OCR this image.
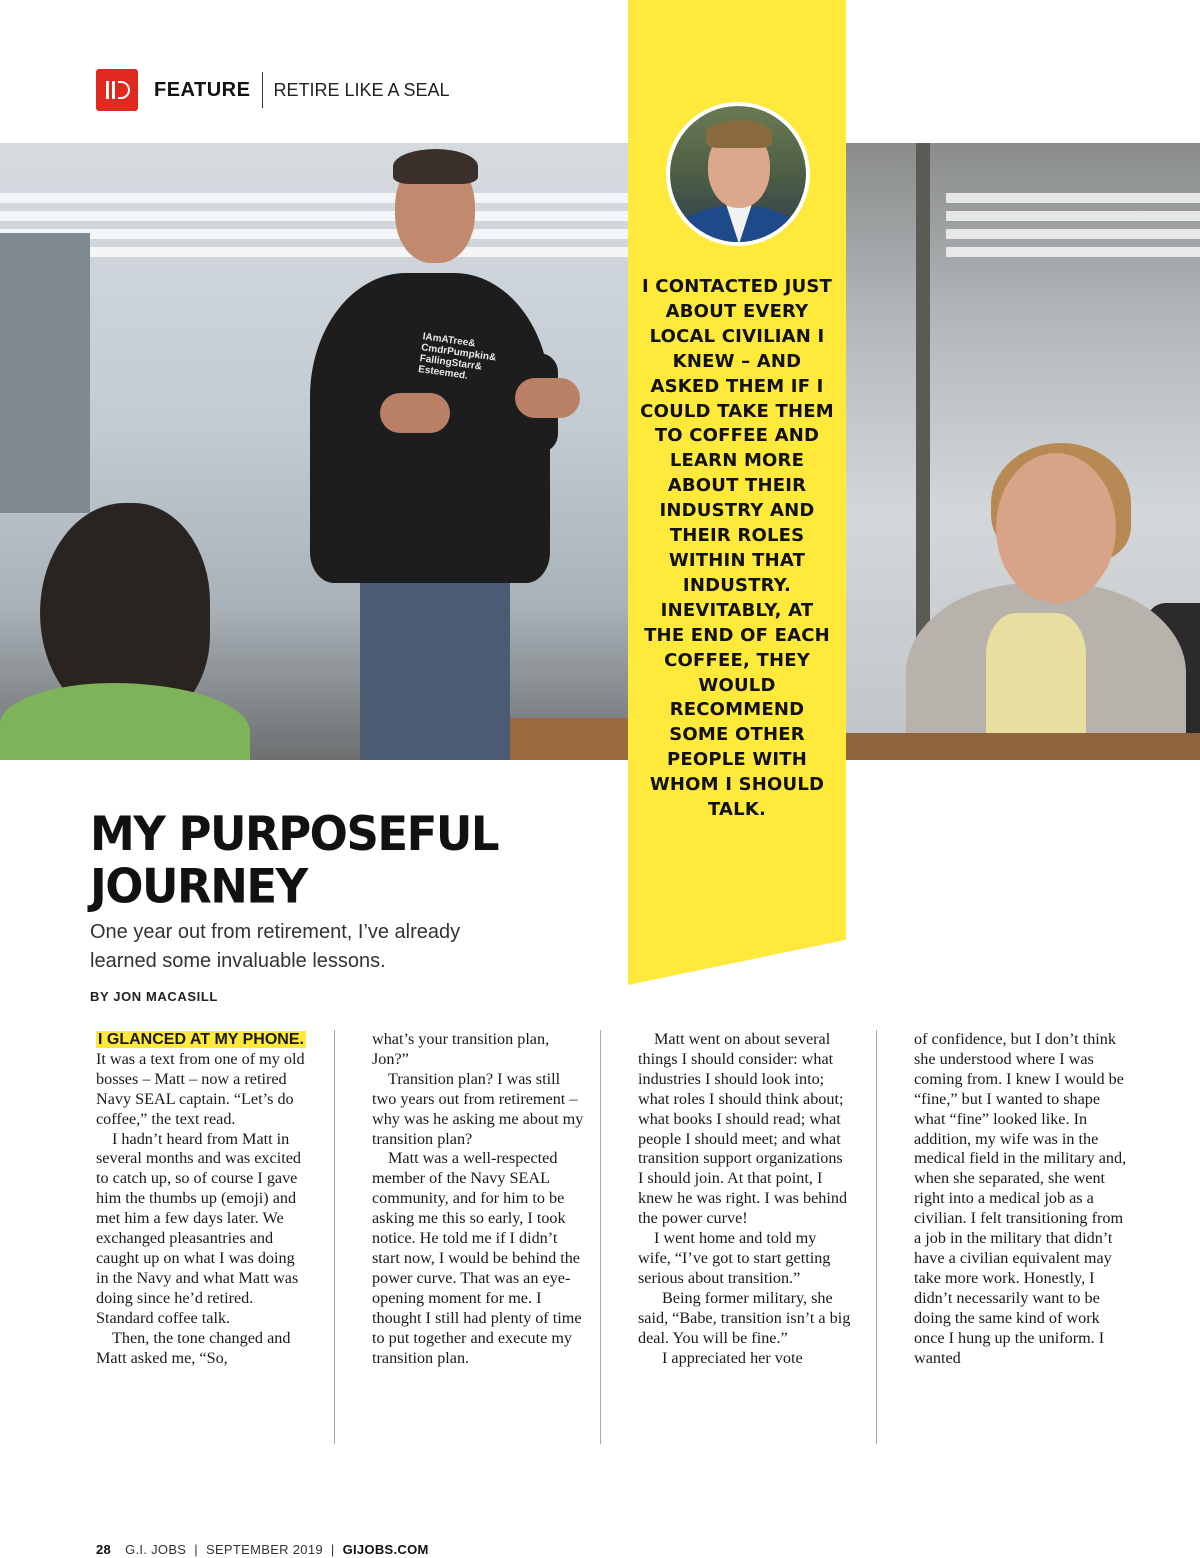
FEATURE RETIRE LIKE A SEAL
IAmATree& CmdrPumpkin& FallingStarr& Esteemed.
I CONTACTED JUST ABOUT EVERY LOCAL CIVILIAN I KNEW – AND ASKED THEM IF I COULD TAKE THEM TO COFFEE AND LEARN MORE ABOUT THEIR INDUSTRY AND THEIR ROLES WITHIN THAT INDUSTRY. INEVITABLY, AT THE END OF EACH COFFEE, THEY WOULD RECOMMEND SOME OTHER PEOPLE WITH WHOM I SHOULD TALK.
MY PURPOSEFUL JOURNEY

One year out from retirement, I’ve already learned some invaluable lessons.

BY JON MACASILL

I GLANCED AT MY PHONE. It was a text from one of my old bosses – Matt – now a retired Navy SEAL captain. “Let’s do coffee,” the text read.

I hadn’t heard from Matt in several months and was excited to catch up, so of course I gave him the thumbs up (emoji) and met him a few days later. We exchanged pleasantries and caught up on what I was doing in the Navy and what Matt was doing since he’d retired. Standard coffee talk.

Then, the tone changed and Matt asked me, “So,

what’s your transition plan, Jon?”

Transition plan? I was still two years out from retirement – why was he asking me about my transition plan?

Matt was a well-respected member of the Navy SEAL community, and for him to be asking me this so early, I took notice. He told me if I didn’t start now, I would be behind the power curve. That was an eye-opening moment for me. I thought I still had plenty of time to put together and execute my transition plan.

Matt went on about several things I should consider: what industries I should look into; what roles I should think about; what books I should read; what people I should meet; and what transition support organizations I should join. At that point, I knew he was right. I was behind the power curve!

I went home and told my wife, “I’ve got to start getting serious about transition.”

Being former military, she said, “Babe, transition isn’t a big deal. You will be fine.”

I appreciated her vote

of confidence, but I don’t think she understood where I was coming from. I knew I would be “fine,” but I wanted to shape what “fine” looked like. In addition, my wife was in the medical field in the military and, when she separated, she went right into a medical job as a civilian. I felt transitioning from a job in the military that didn’t have a civilian equivalent may take more work. Honestly, I didn’t necessarily want to be doing the same kind of work once I hung up the uniform. I wanted

28 G.I. JOBS | SEPTEMBER 2019 | GIJOBS.COM
